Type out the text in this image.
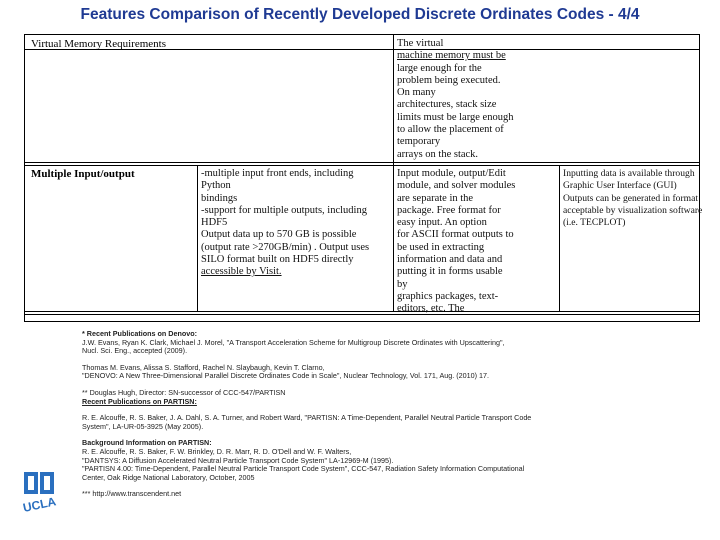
Features Comparison of Recently Developed Discrete Ordinates Codes - 4/4
Virtual Memory Requirements	The virtual
machine memory must be
large enough for the
problem being executed.
On many
architectures, stack size
limits must be large enough
to allow the placement of
temporary
arrays on the stack.
Multiple Input/output	-multiple input front ends, including
Python
bindings
-support for multiple outputs, including
HDF5
Output data up to 570 GB is possible
(output rate >270GB/min) . Output uses
SILO format built on HDF5 directly
accessible by Visit.
Input module, output/Edit
module, and solver modules
are separate in the
package. Free format for
easy input. An option
for ASCII format outputs to
be used in extracting
information and data and
putting it in forms usable
by
graphics packages, text-
editors, etc. The
Inputting data is available through
Graphic User Interface (GUI)
Outputs can be generated in format
acceptable by visualization software
(i.e. TECPLOT)
* Recent Publications on Denovo:
J.W. Evans, Ryan K. Clark, Michael J. Morel, "A Transport Acceleration Scheme for Multigroup Discrete Ordinates with Upscattering",
Nucl. Sci. Eng., accepted (2009).
Thomas M. Evans, Alissa S. Stafford, Rachel N. Slaybaugh, Kevin T. Clarno,
"DENOVO: A New Three-Dimensional Parallel Discrete Ordinates Code in Scale", Nuclear Technology, Vol. 171, Aug. (2010) 17.
** Douglas Hugh, Director: SN-successor of CCC-547/PARTISN
Recent Publications on PARTISN:
R. E. Alcouffe, R. S. Baker, J. A. Dahl, S. A. Turner, and Robert Ward, "PARTISN: A Time-Dependent, Parallel Neutral Particle Transport Code
System", LA-UR-05-3925 (May 2005).
Background Information on PARTISN:
R. E. Alcouffe, R. S. Baker, F. W. Brinkley, D. R. Marr, R. D. O'Dell and W. F. Walters,
"DANTSYS: A Diffusion Accelerated Neutral Particle Transport Code System" LA-12969-M (1995).
"PARTISN 4.00: Time-Dependent, Parallel Neutral Particle Transport Code System", CCC-547, Radiation Safety Information Computational
Center, Oak Ridge National Laboratory, October, 2005
*** http://www.transcendent.net
UCLA
